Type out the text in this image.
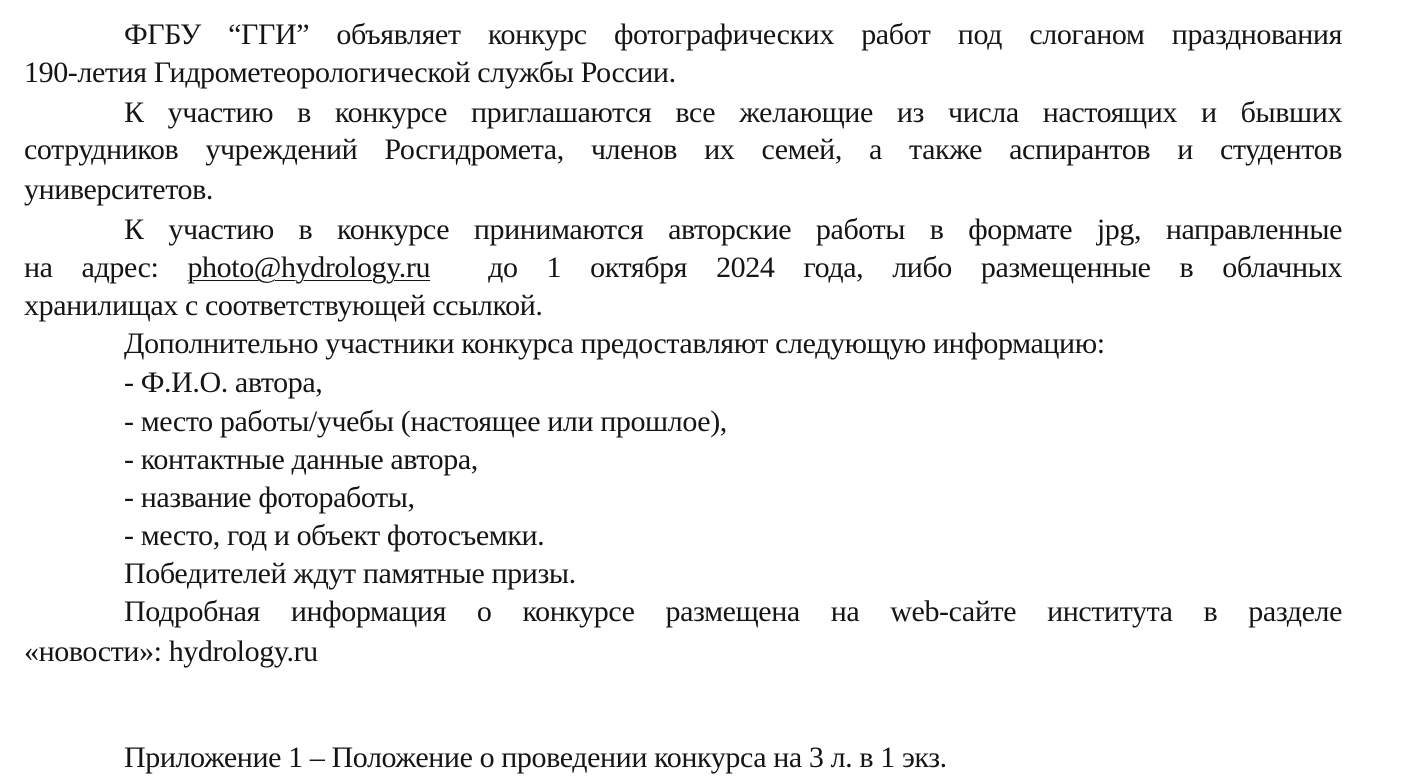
ФГБУ “ГГИ” объявляет конкурс фотографических работ под слоганом празднования
190-летия Гидрометеорологической службы России.
К участию в конкурсе приглашаются все желающие из числа настоящих и бывших
сотрудников учреждений Росгидромета, членов их семей, а также аспирантов и студентов
университетов.
К участию в конкурсе принимаются авторские работы в формате jpg, направленные
на адрес: photo@hydrology.ru до 1 октября 2024 года, либо размещенные в облачных
хранилищах с соответствующей ссылкой.
Дополнительно участники конкурса предоставляют следующую информацию:
- Ф.И.О. автора,
- место работы/учебы (настоящее или прошлое),
- контактные данные автора,
- название фотоработы,
- место, год и объект фотосъемки.
Победителей ждут памятные призы.
Подробная информация о конкурсе размещена на web-сайте института в разделе
«новости»: hydrology.ru
Приложение 1 – Положение о проведении конкурса на 3 л. в 1 экз.
